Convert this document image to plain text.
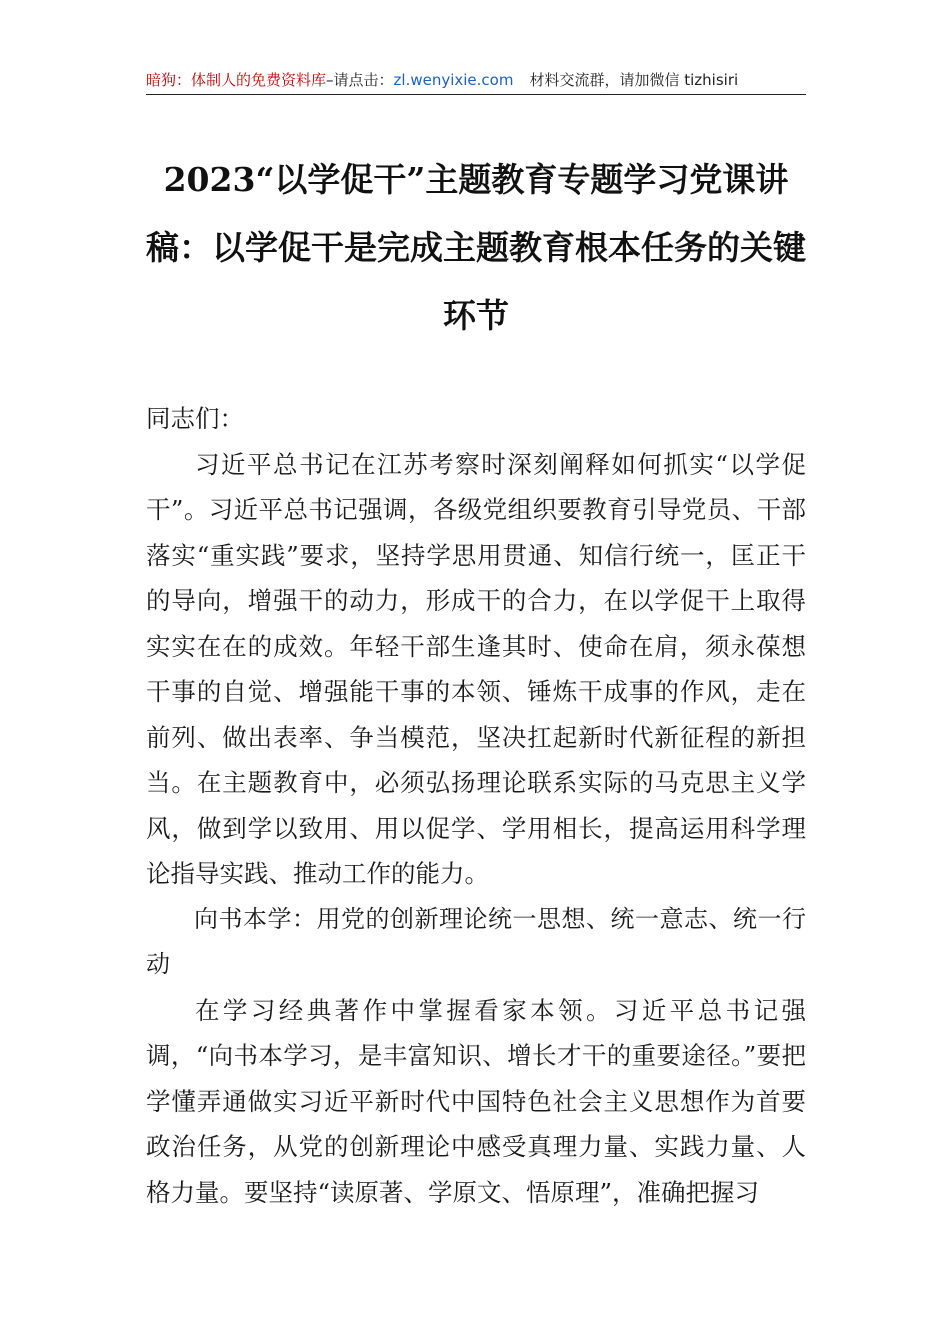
暗狗：体制人的免费资料库–请点击：zl.wenyixie.com 材料交流群，请加微信 tizhisiri
2023“以学促干”主题教育专题学习党课讲稿：以学促干是完成主题教育根本任务的关键环节

同志们：

习近平总书记在江苏考察时深刻阐释如何抓实“以学促干”。习近平总书记强调，各级党组织要教育引导党员、干部落实“重实践”要求，坚持学思用贯通、知信行统一，匡正干的导向，增强干的动力，形成干的合力，在以学促干上取得实实在在的成效。年轻干部生逢其时、使命在肩，须永葆想干事的自觉、增强能干事的本领、锤炼干成事的作风，走在前列、做出表率、争当模范，坚决扛起新时代新征程的新担当。在主题教育中，必须弘扬理论联系实际的马克思主义学风，做到学以致用、用以促学、学用相长，提高运用科学理论指导实践、推动工作的能力。

向书本学：用党的创新理论统一思想、统一意志、统一行动

在学习经典著作中掌握看家本领。习近平总书记强调，“向书本学习，是丰富知识、增长才干的重要途径。”要把学懂弄通做实习近平新时代中国特色社会主义思想作为首要政治任务，从党的创新理论中感受真理力量、实践力量、人格力量。要坚持“读原著、学原文、悟原理”，准确把握习
